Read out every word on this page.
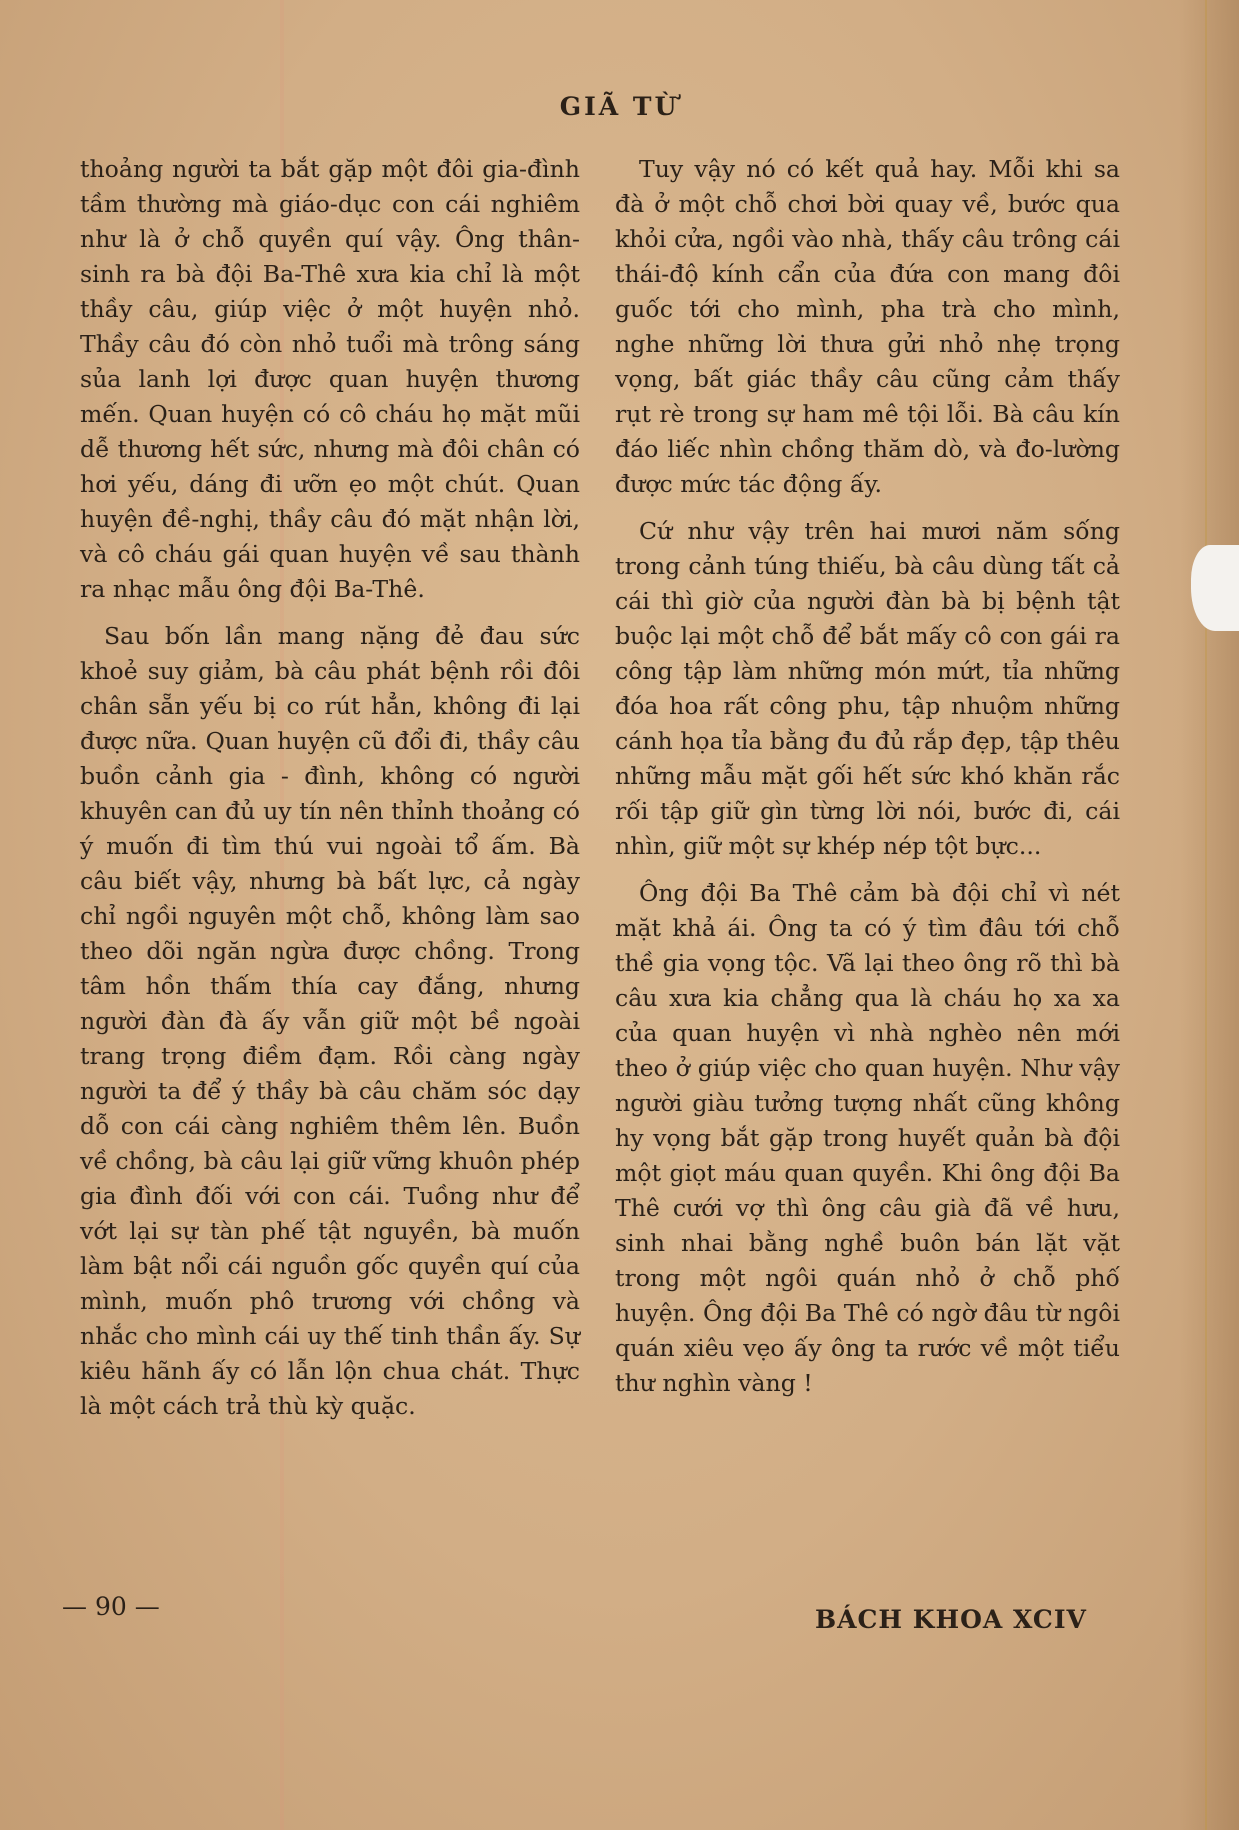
GIÃ TỪ

thoảng người ta bắt gặp một đôi gia-đình tầm thường mà giáo-dục con cái nghiêm như là ở chỗ quyền quí vậy. Ông thân-sinh ra bà đội Ba-Thê xưa kia chỉ là một thầy câu, giúp việc ở một huyện nhỏ. Thầy câu đó còn nhỏ tuổi mà trông sáng sủa lanh lợi được quan huyện thương mến. Quan huyện có cô cháu họ mặt mũi dễ thương hết sức, nhưng mà đôi chân có hơi yếu, dáng đi ưỡn ẹo một chút. Quan huyện đề-nghị, thầy câu đó mặt nhận lời, và cô cháu gái quan huyện về sau thành ra nhạc mẫu ông đội Ba-Thê.

Sau bốn lần mang nặng đẻ đau sức khoẻ suy giảm, bà câu phát bệnh rồi đôi chân sẵn yếu bị co rút hẳn, không đi lại được nữa. Quan huyện cũ đổi đi, thầy câu buồn cảnh gia - đình, không có người khuyên can đủ uy tín nên thỉnh thoảng có ý muốn đi tìm thú vui ngoài tổ ấm. Bà câu biết vậy, nhưng bà bất lực, cả ngày chỉ ngồi nguyên một chỗ, không làm sao theo dõi ngăn ngừa được chồng. Trong tâm hồn thấm thía cay đắng, nhưng người đàn đà ấy vẫn giữ một bề ngoài trang trọng điềm đạm. Rồi càng ngày người ta để ý thầy bà câu chăm sóc dạy dỗ con cái càng nghiêm thêm lên. Buồn về chồng, bà câu lại giữ vững khuôn phép gia đình đối với con cái. Tuồng như để vớt lại sự tàn phế tật nguyền, bà muốn làm bật nổi cái nguồn gốc quyền quí của mình, muốn phô trương với chồng và nhắc cho mình cái uy thế tinh thần ấy. Sự kiêu hãnh ấy có lẫn lộn chua chát. Thực là một cách trả thù kỳ quặc.

Tuy vậy nó có kết quả hay. Mỗi khi sa đà ở một chỗ chơi bời quay về, bước qua khỏi cửa, ngồi vào nhà, thấy câu trông cái thái-độ kính cẩn của đứa con mang đôi guốc tới cho mình, pha trà cho mình, nghe những lời thưa gửi nhỏ nhẹ trọng vọng, bất giác thầy câu cũng cảm thấy rụt rè trong sự ham mê tội lỗi. Bà câu kín đáo liếc nhìn chồng thăm dò, và đo-lường được mức tác động ấy.

Cứ như vậy trên hai mươi năm sống trong cảnh túng thiếu, bà câu dùng tất cả cái thì giờ của người đàn bà bị bệnh tật buộc lại một chỗ để bắt mấy cô con gái ra công tập làm những món mứt, tỉa những đóa hoa rất công phu, tập nhuộm những cánh họa tỉa bằng đu đủ rắp đẹp, tập thêu những mẫu mặt gối hết sức khó khăn rắc rối tập giữ gìn từng lời nói, bước đi, cái nhìn, giữ một sự khép nép tột bực...

Ông đội Ba Thê cảm bà đội chỉ vì nét mặt khả ái. Ông ta có ý tìm đâu tới chỗ thề gia vọng tộc. Vã lại theo ông rõ thì bà câu xưa kia chẳng qua là cháu họ xa xa của quan huyện vì nhà nghèo nên mới theo ở giúp việc cho quan huyện. Như vậy người giàu tưởng tượng nhất cũng không hy vọng bắt gặp trong huyết quản bà đội một giọt máu quan quyền. Khi ông đội Ba Thê cưới vợ thì ông câu già đã về hưu, sinh nhai bằng nghề buôn bán lặt vặt trong một ngôi quán nhỏ ở chỗ phố huyện. Ông đội Ba Thê có ngờ đâu từ ngôi quán xiêu vẹo ấy ông ta rước về một tiểu thư nghìn vàng !

— 90 —	BÁCH KHOA XCIV
